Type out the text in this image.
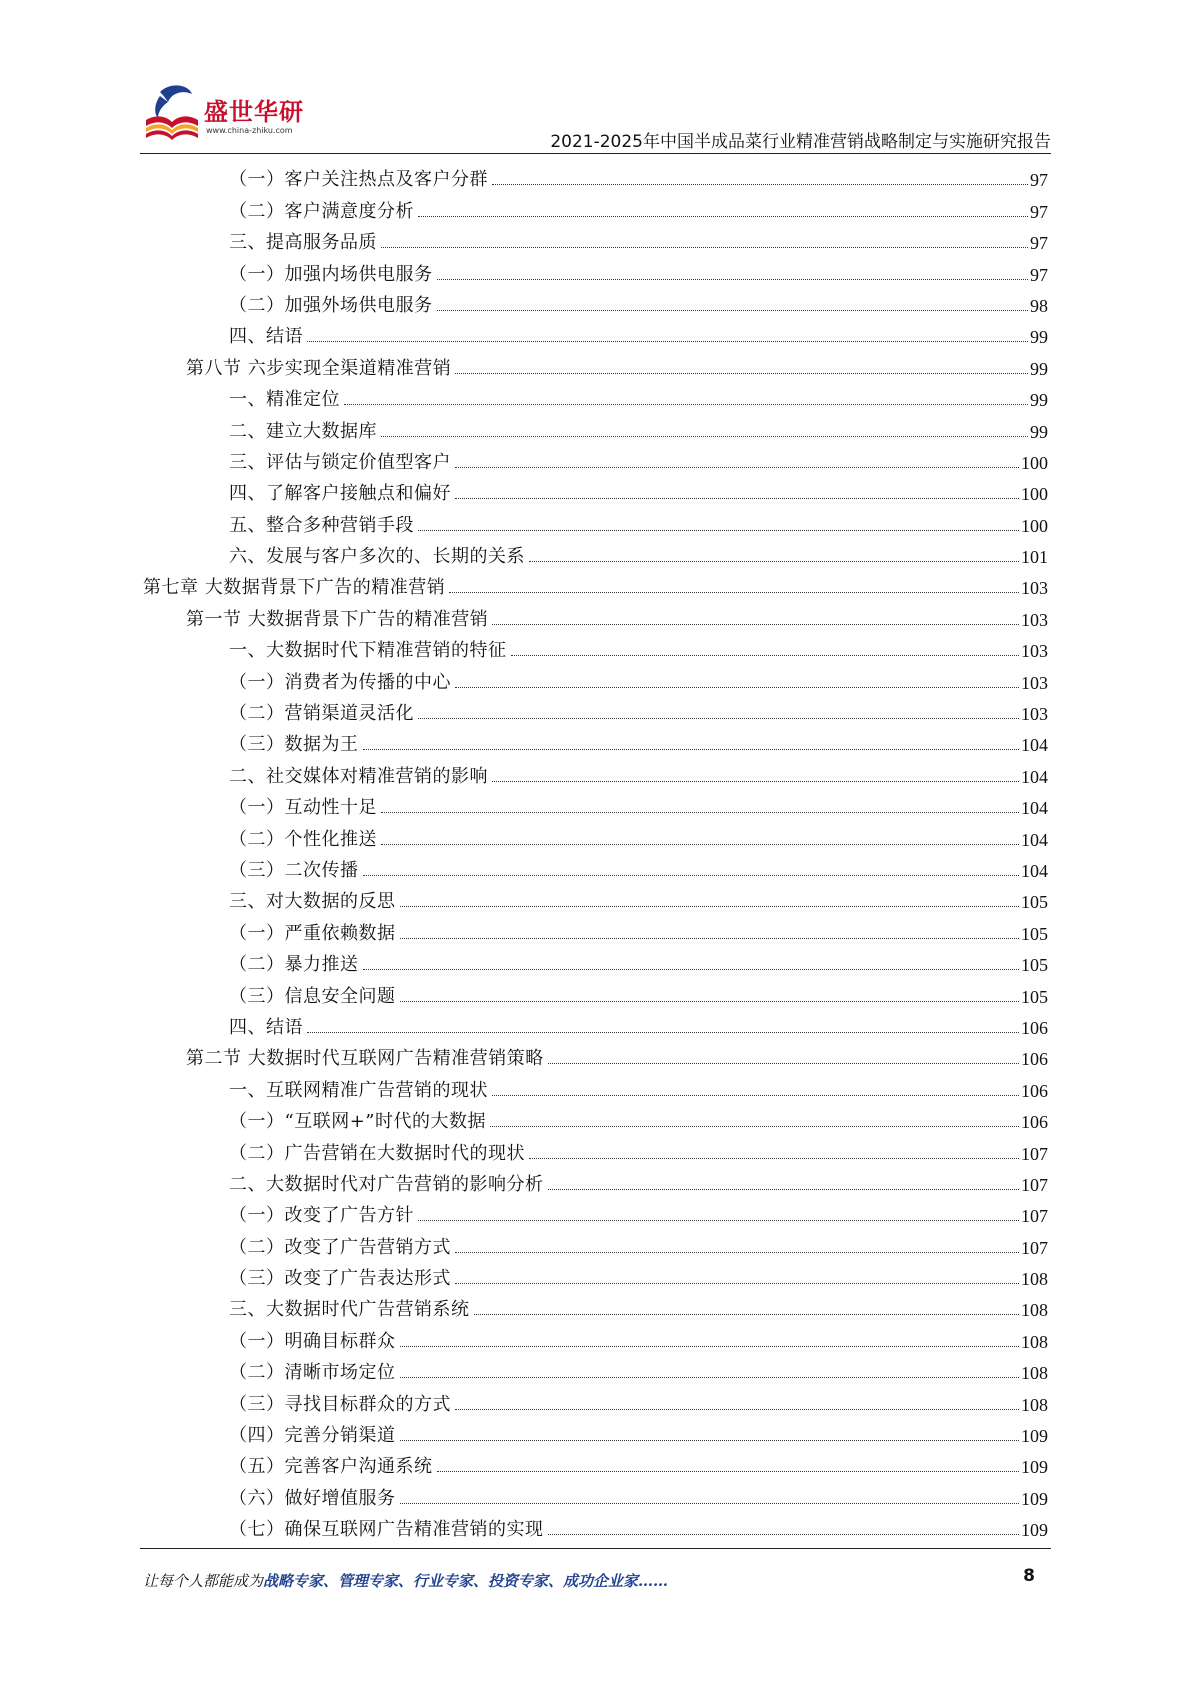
盛世华研
www.china-zhiku.com
2021-2025年中国半成品菜行业精准营销战略制定与实施研究报告
（一）客户关注热点及客户分群	97
（二）客户满意度分析	97
三、提高服务品质	97
（一）加强内场供电服务	97
（二）加强外场供电服务	98
四、结语	99
第八节 六步实现全渠道精准营销	99
一、精准定位	99
二、建立大数据库	99
三、评估与锁定价值型客户	100
四、了解客户接触点和偏好	100
五、整合多种营销手段	100
六、发展与客户多次的、长期的关系	101
第七章 大数据背景下广告的精准营销	103
第一节 大数据背景下广告的精准营销	103
一、大数据时代下精准营销的特征	103
（一）消费者为传播的中心	103
（二）营销渠道灵活化	103
（三）数据为王	104
二、社交媒体对精准营销的影响	104
（一）互动性十足	104
（二）个性化推送	104
（三）二次传播	104
三、对大数据的反思	105
（一）严重依赖数据	105
（二）暴力推送	105
（三）信息安全问题	105
四、结语	106
第二节 大数据时代互联网广告精准营销策略	106
一、互联网精准广告营销的现状	106
（一）“互联网+”时代的大数据	106
（二）广告营销在大数据时代的现状	107
二、大数据时代对广告营销的影响分析	107
（一）改变了广告方针	107
（二）改变了广告营销方式	107
（三）改变了广告表达形式	108
三、大数据时代广告营销系统	108
（一）明确目标群众	108
（二）清晰市场定位	108
（三）寻找目标群众的方式	108
（四）完善分销渠道	109
（五）完善客户沟通系统	109
（六）做好增值服务	109
（七）确保互联网广告精准营销的实现	109
让每个人都能成为战略专家、管理专家、行业专家、投资专家、成功企业家……	8
